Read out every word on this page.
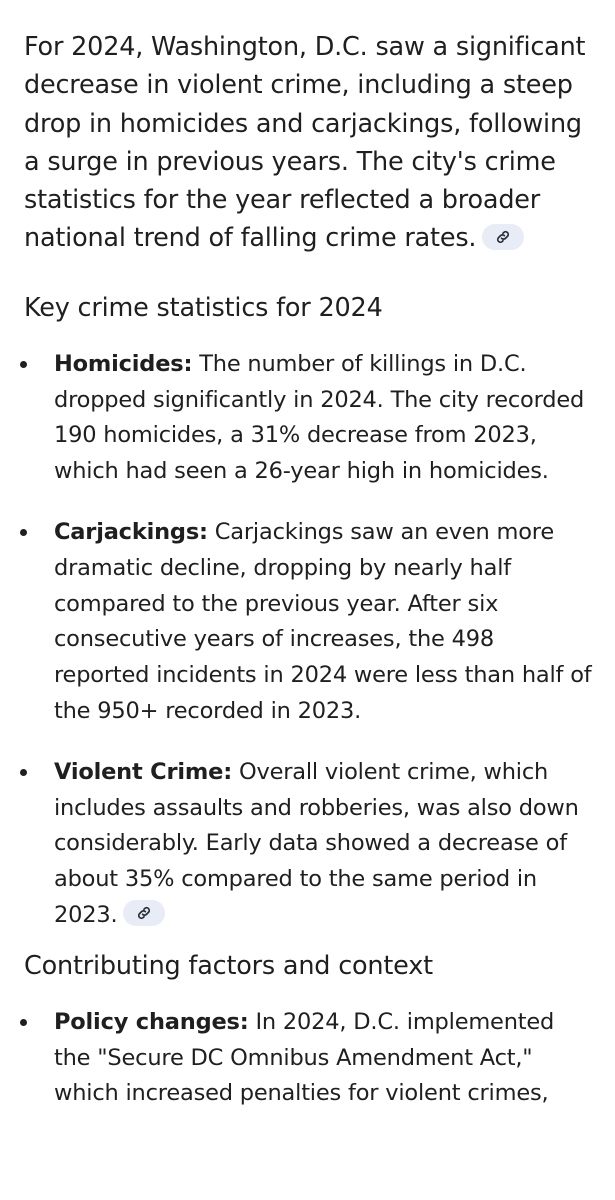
For 2024, Washington, D.C. saw a significant decrease in violent crime, including a steep drop in homicides and carjackings, following a surge in previous years. The city's crime statistics for the year reflected a broader national trend of falling crime rates.

Key crime statistics for 2024
Homicides: The number of killings in D.C. dropped significantly in 2024. The city recorded 190 homicides, a 31% decrease from 2023, which had seen a 26-year high in homicides.
Carjackings: Carjackings saw an even more dramatic decline, dropping by nearly half compared to the previous year. After six consecutive years of increases, the 498 reported incidents in 2024 were less than half of the 950+ recorded in 2023.
Violent Crime: Overall violent crime, which includes assaults and robberies, was also down considerably. Early data showed a decrease of about 35% compared to the same period in 2023.
Contributing factors and context
Policy changes: In 2024, D.C. implemented the "Secure DC Omnibus Amendment Act," which increased penalties for violent crimes,
